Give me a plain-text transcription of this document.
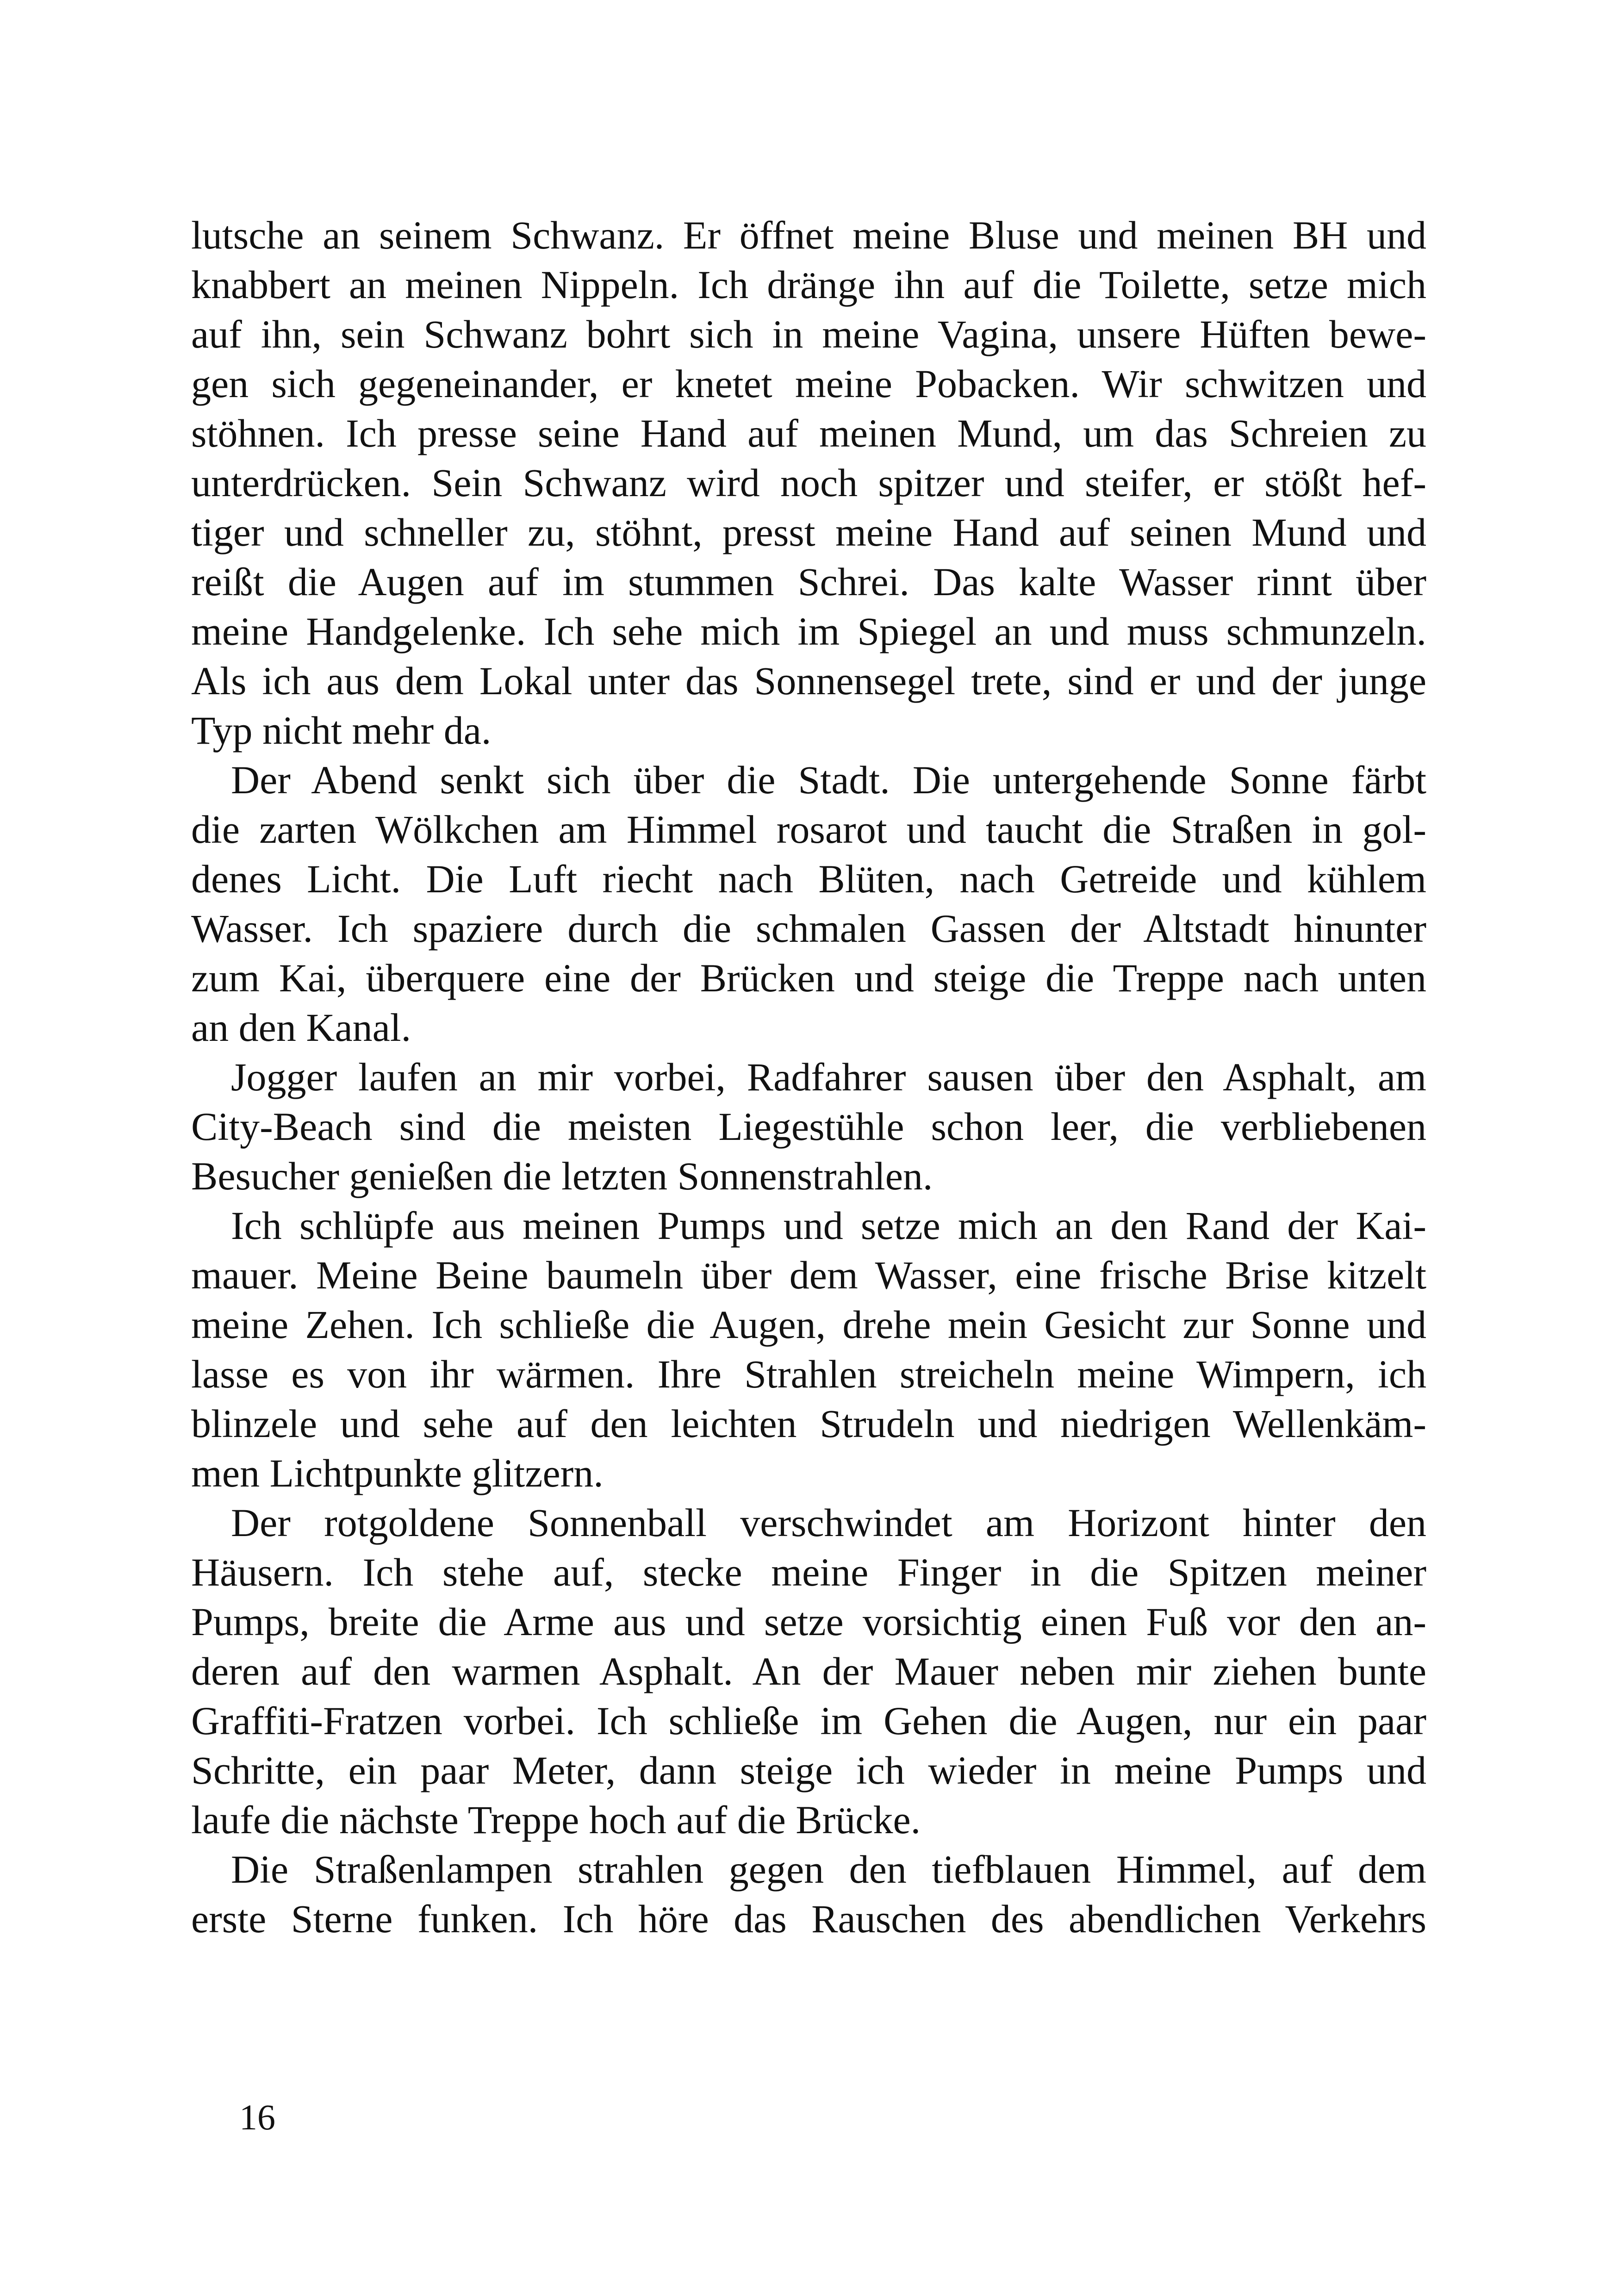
lutsche an seinem Schwanz. Er öffnet meine Bluse und meinen BH und
knabbert an meinen Nippeln. Ich dränge ihn auf die Toilette, setze mich
auf ihn, sein Schwanz bohrt sich in meine Vagina, unsere Hüften bewe-
gen sich gegeneinander, er knetet meine Pobacken. Wir schwitzen und
stöhnen. Ich presse seine Hand auf meinen Mund, um das Schreien zu
unterdrücken. Sein Schwanz wird noch spitzer und steifer, er stößt hef-
tiger und schneller zu, stöhnt, presst meine Hand auf seinen Mund und
reißt die Augen auf im stummen Schrei. Das kalte Wasser rinnt über
meine Handgelenke. Ich sehe mich im Spiegel an und muss schmunzeln.
Als ich aus dem Lokal unter das Sonnensegel trete, sind er und der junge
Typ nicht mehr da.
Der Abend senkt sich über die Stadt. Die untergehende Sonne färbt
die zarten Wölkchen am Himmel rosarot und taucht die Straßen in gol-
denes Licht. Die Luft riecht nach Blüten, nach Getreide und kühlem
Wasser. Ich spaziere durch die schmalen Gassen der Altstadt hinunter
zum Kai, überquere eine der Brücken und steige die Treppe nach unten
an den Kanal.
Jogger laufen an mir vorbei, Radfahrer sausen über den Asphalt, am
City-Beach sind die meisten Liegestühle schon leer, die verbliebenen
Besucher genießen die letzten Sonnenstrahlen.
Ich schlüpfe aus meinen Pumps und setze mich an den Rand der Kai-
mauer. Meine Beine baumeln über dem Wasser, eine frische Brise kitzelt
meine Zehen. Ich schließe die Augen, drehe mein Gesicht zur Sonne und
lasse es von ihr wärmen. Ihre Strahlen streicheln meine Wimpern, ich
blinzele und sehe auf den leichten Strudeln und niedrigen Wellenkäm-
men Lichtpunkte glitzern.
Der rotgoldene Sonnenball verschwindet am Horizont hinter den
Häusern. Ich stehe auf, stecke meine Finger in die Spitzen meiner
Pumps, breite die Arme aus und setze vorsichtig einen Fuß vor den an-
deren auf den warmen Asphalt. An der Mauer neben mir ziehen bunte
Graffiti-Fratzen vorbei. Ich schließe im Gehen die Augen, nur ein paar
Schritte, ein paar Meter, dann steige ich wieder in meine Pumps und
laufe die nächste Treppe hoch auf die Brücke.
Die Straßenlampen strahlen gegen den tiefblauen Himmel, auf dem
erste Sterne funken. Ich höre das Rauschen des abendlichen Verkehrs
16
